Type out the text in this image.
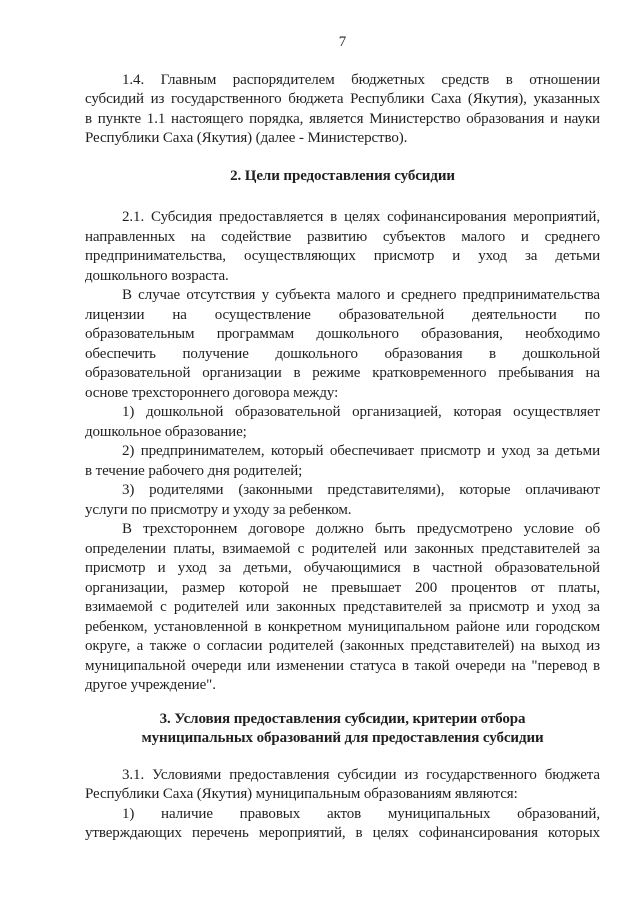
7
1.4. Главным распорядителем бюджетных средств в отношении
субсидий из государственного бюджета Республики Саха (Якутия), указанных
в пункте 1.1 настоящего порядка, является Министерство образования и науки
Республики Саха (Якутия) (далее - Министерство).
2. Цели предоставления субсидии
2.1. Субсидия предоставляется в целях софинансирования мероприятий,
направленных на содействие развитию субъектов малого и среднего
предпринимательства, осуществляющих присмотр и уход за детьми
дошкольного возраста.
В случае отсутствия у субъекта малого и среднего предпринимательства
лицензии на осуществление образовательной деятельности по
образовательным программам дошкольного образования, необходимо
обеспечить получение дошкольного образования в дошкольной
образовательной организации в режиме кратковременного пребывания на
основе трехстороннего договора между:
1) дошкольной образовательной организацией, которая осуществляет
дошкольное образование;
2) предпринимателем, который обеспечивает присмотр и уход за детьми
в течение рабочего дня родителей;
3) родителями (законными представителями), которые оплачивают
услуги по присмотру и уходу за ребенком.
В трехстороннем договоре должно быть предусмотрено условие об
определении платы, взимаемой с родителей или законных представителей за
присмотр и уход за детьми, обучающимися в частной образовательной
организации, размер которой не превышает 200 процентов от платы,
взимаемой с родителей или законных представителей за присмотр и уход за
ребенком, установленной в конкретном муниципальном районе или городском
округе, а также о согласии родителей (законных представителей) на выход из
муниципальной очереди или изменении статуса в такой очереди на "перевод в
другое учреждение".
3. Условия предоставления субсидии, критерии отбора
муниципальных образований для предоставления субсидии
3.1. Условиями предоставления субсидии из государственного бюджета
Республики Саха (Якутия) муниципальным образованиям являются:
1) наличие правовых актов муниципальных образований,
утверждающих перечень мероприятий, в целях софинансирования которых
